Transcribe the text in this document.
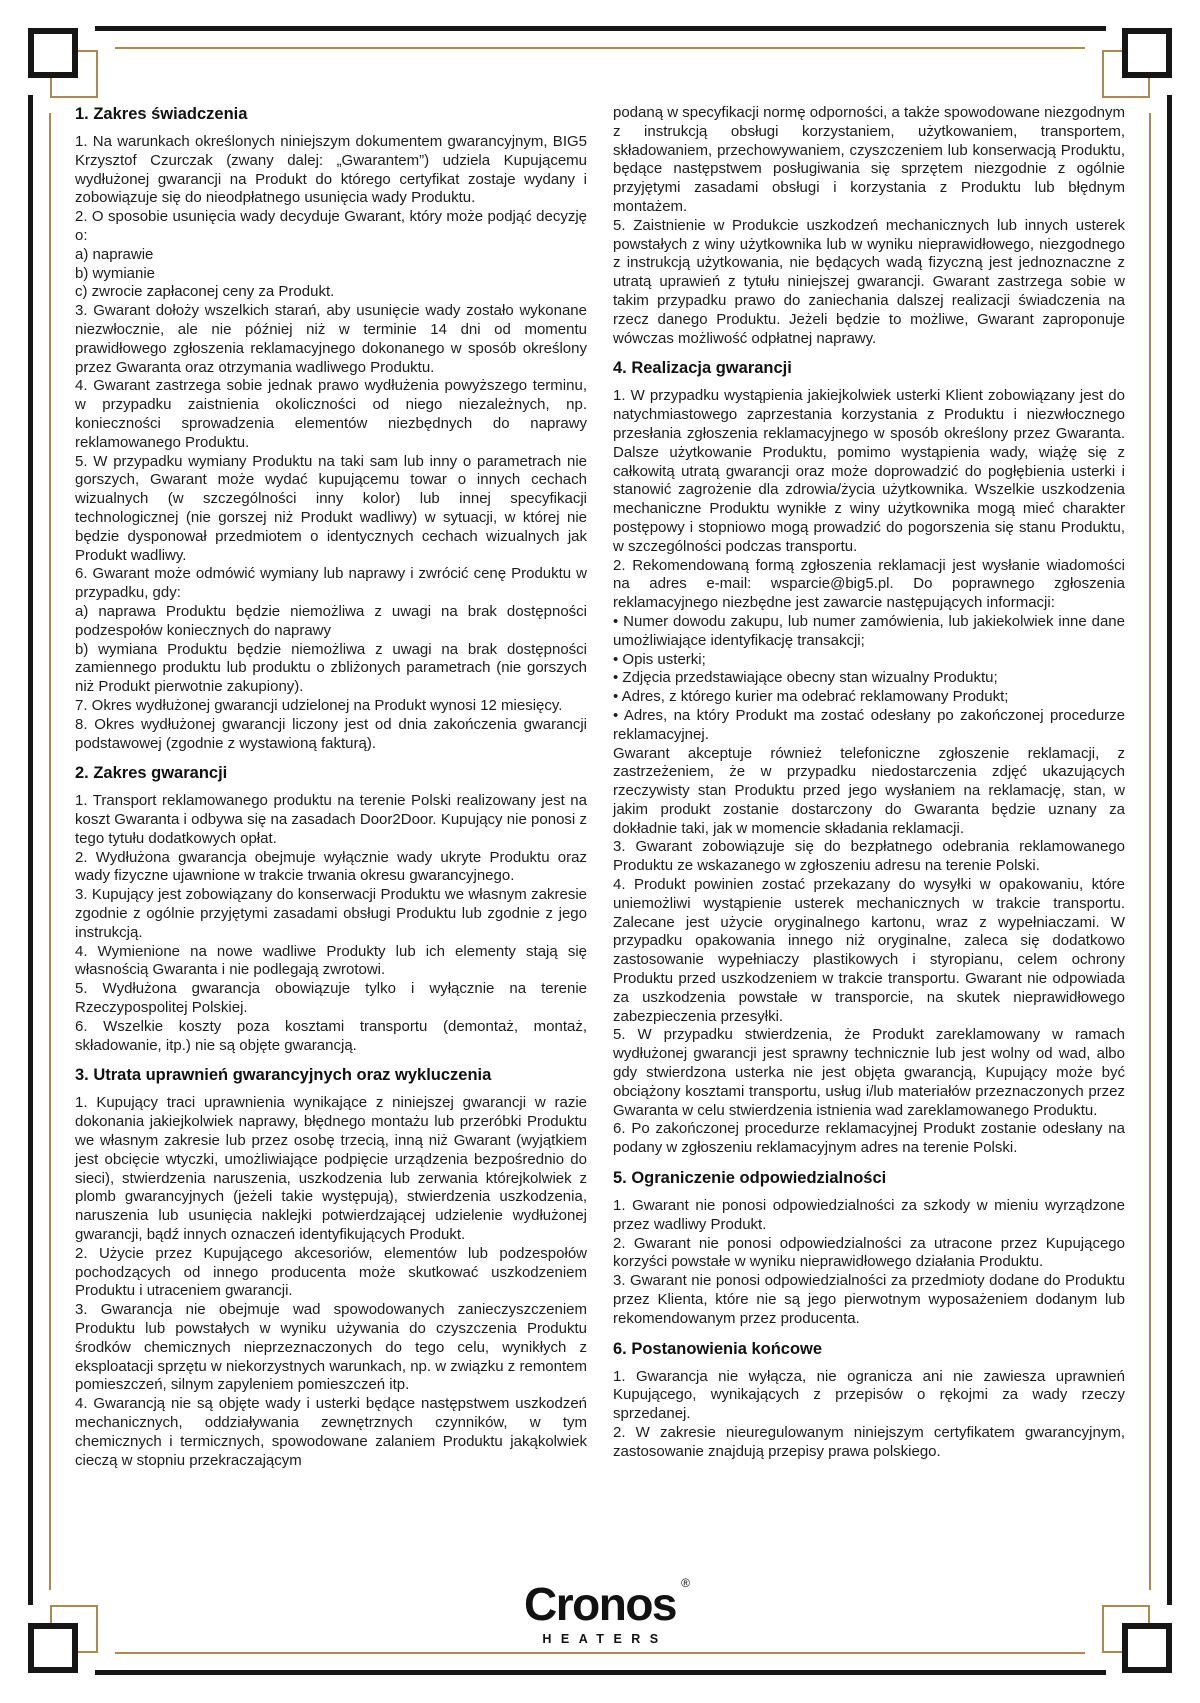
1. Zakres świadczenia

1. Na warunkach określonych niniejszym dokumentem gwarancyjnym, BIG5 Krzysztof Czurczak (zwany dalej: „Gwarantem”) udziela Kupującemu wydłużonej gwarancji na Produkt do którego certyfikat zostaje wydany i zobowiązuje się do nieodpłatnego usunięcia wady Produktu.

2. O sposobie usunięcia wady decyduje Gwarant, który może podjąć decyzję o:

a) naprawie

b) wymianie

c) zwrocie zapłaconej ceny za Produkt.

3. Gwarant dołoży wszelkich starań, aby usunięcie wady zostało wykonane niezwłocznie, ale nie później niż w terminie 14 dni od momentu prawidłowego zgłoszenia reklamacyjnego dokonanego w sposób określony przez Gwaranta oraz otrzymania wadliwego Produktu.

4. Gwarant zastrzega sobie jednak prawo wydłużenia powyższego terminu, w przypadku zaistnienia okoliczności od niego niezależnych, np. konieczności sprowadzenia elementów niezbędnych do naprawy reklamowanego Produktu.

5. W przypadku wymiany Produktu na taki sam lub inny o parametrach nie gorszych, Gwarant może wydać kupującemu towar o innych cechach wizualnych (w szczególności inny kolor) lub innej specyfikacji technologicznej (nie gorszej niż Produkt wadliwy) w sytuacji, w której nie będzie dysponował przedmiotem o identycznych cechach wizualnych jak Produkt wadliwy.

6. Gwarant może odmówić wymiany lub naprawy i zwrócić cenę Produktu w przypadku, gdy:

a) naprawa Produktu będzie niemożliwa z uwagi na brak dostępności podzespołów koniecznych do naprawy

b) wymiana Produktu będzie niemożliwa z uwagi na brak dostępności zamiennego produktu lub produktu o zbliżonych parametrach (nie gorszych niż Produkt pierwotnie zakupiony).

7. Okres wydłużonej gwarancji udzielonej na Produkt wynosi 12 miesięcy.

8. Okres wydłużonej gwarancji liczony jest od dnia zakończenia gwarancji podstawowej (zgodnie z wystawioną fakturą).

2. Zakres gwarancji

1. Transport reklamowanego produktu na terenie Polski realizowany jest na koszt Gwaranta i odbywa się na zasadach Door2Door. Kupujący nie ponosi z tego tytułu dodatkowych opłat.

2. Wydłużona gwarancja obejmuje wyłącznie wady ukryte Produktu oraz wady fizyczne ujawnione w trakcie trwania okresu gwarancyjnego.

3. Kupujący jest zobowiązany do konserwacji Produktu we własnym zakresie zgodnie z ogólnie przyjętymi zasadami obsługi Produktu lub zgodnie z jego instrukcją.

4. Wymienione na nowe wadliwe Produkty lub ich elementy stają się własnością Gwaranta i nie podlegają zwrotowi.

5. Wydłużona gwarancja obowiązuje tylko i wyłącznie na terenie Rzeczypospolitej Polskiej.

6. Wszelkie koszty poza kosztami transportu (demontaż, montaż, składowanie, itp.) nie są objęte gwarancją.

3. Utrata uprawnień gwarancyjnych oraz wykluczenia

1. Kupujący traci uprawnienia wynikające z niniejszej gwarancji w razie dokonania jakiejkolwiek naprawy, błędnego montażu lub przeróbki Produktu we własnym zakresie lub przez osobę trzecią, inną niż Gwarant (wyjątkiem jest obcięcie wtyczki, umożliwiające podpięcie urządzenia bezpośrednio do sieci), stwierdzenia naruszenia, uszkodzenia lub zerwania którejkolwiek z plomb gwarancyjnych (jeżeli takie występują), stwierdzenia uszkodzenia, naruszenia lub usunięcia naklejki potwierdzającej udzielenie wydłużonej gwarancji, bądź innych oznaczeń identyfikujących Produkt.

2. Użycie przez Kupującego akcesoriów, elementów lub podzespołów pochodzących od innego producenta może skutkować uszkodzeniem Produktu i utraceniem gwarancji.

3. Gwarancja nie obejmuje wad spowodowanych zanieczyszczeniem Produktu lub powstałych w wyniku używania do czyszczenia Produktu środków chemicznych nieprzeznaczonych do tego celu, wynikłych z eksploatacji sprzętu w niekorzystnych warunkach, np. w związku z remontem pomieszczeń, silnym zapyleniem pomieszczeń itp.

4. Gwarancją nie są objęte wady i usterki będące następstwem uszkodzeń mechanicznych, oddziaływania zewnętrznych czynników, w tym chemicznych i termicznych, spowodowane zalaniem Produktu jakąkolwiek cieczą w stopniu przekraczającym

podaną w specyfikacji normę odporności, a także spowodowane niezgodnym z instrukcją obsługi korzystaniem, użytkowaniem, transportem, składowaniem, przechowywaniem, czyszczeniem lub konserwacją Produktu, będące następstwem posługiwania się sprzętem niezgodnie z ogólnie przyjętymi zasadami obsługi i korzystania z Produktu lub błędnym montażem.

5. Zaistnienie w Produkcie uszkodzeń mechanicznych lub innych usterek powstałych z winy użytkownika lub w wyniku nieprawidłowego, niezgodnego z instrukcją użytkowania, nie będących wadą fizyczną jest jednoznaczne z utratą uprawień z tytułu niniejszej gwarancji. Gwarant zastrzega sobie w takim przypadku prawo do zaniechania dalszej realizacji świadczenia na rzecz danego Produktu. Jeżeli będzie to możliwe, Gwarant zaproponuje wówczas możliwość odpłatnej naprawy.

4. Realizacja gwarancji

1. W przypadku wystąpienia jakiejkolwiek usterki Klient zobowiązany jest do natychmiastowego zaprzestania korzystania z Produktu i niezwłocznego przesłania zgłoszenia reklamacyjnego w sposób określony przez Gwaranta. Dalsze użytkowanie Produktu, pomimo wystąpienia wady, wiążę się z całkowitą utratą gwarancji oraz może doprowadzić do pogłębienia usterki i stanowić zagrożenie dla zdrowia/życia użytkownika. Wszelkie uszkodzenia mechaniczne Produktu wynikłe z winy użytkownika mogą mieć charakter postępowy i stopniowo mogą prowadzić do pogorszenia się stanu Produktu, w szczególności podczas transportu.

2. Rekomendowaną formą zgłoszenia reklamacji jest wysłanie wiadomości na adres e-mail: wsparcie@big5.pl. Do poprawnego zgłoszenia reklamacyjnego niezbędne jest zawarcie następujących informacji:

• Numer dowodu zakupu, lub numer zamówienia, lub jakiekolwiek inne dane umożliwiające identyfikację transakcji;

• Opis usterki;

• Zdjęcia przedstawiające obecny stan wizualny Produktu;

• Adres, z którego kurier ma odebrać reklamowany Produkt;

• Adres, na który Produkt ma zostać odesłany po zakończonej procedurze reklamacyjnej.

Gwarant akceptuje również telefoniczne zgłoszenie reklamacji, z zastrzeżeniem, że w przypadku niedostarczenia zdjęć ukazujących rzeczywisty stan Produktu przed jego wysłaniem na reklamację, stan, w jakim produkt zostanie dostarczony do Gwaranta będzie uznany za dokładnie taki, jak w momencie składania reklamacji.

3. Gwarant zobowiązuje się do bezpłatnego odebrania reklamowanego Produktu ze wskazanego w zgłoszeniu adresu na terenie Polski.

4. Produkt powinien zostać przekazany do wysyłki w opakowaniu, które uniemożliwi wystąpienie usterek mechanicznych w trakcie transportu. Zalecane jest użycie oryginalnego kartonu, wraz z wypełniaczami. W przypadku opakowania innego niż oryginalne, zaleca się dodatkowo zastosowanie wypełniaczy plastikowych i styropianu, celem ochrony Produktu przed uszkodzeniem w trakcie transportu. Gwarant nie odpowiada za uszkodzenia powstałe w transporcie, na skutek nieprawidłowego zabezpieczenia przesyłki.

5. W przypadku stwierdzenia, że Produkt zareklamowany w ramach wydłużonej gwarancji jest sprawny technicznie lub jest wolny od wad, albo gdy stwierdzona usterka nie jest objęta gwarancją, Kupujący może być obciążony kosztami transportu, usług i/lub materiałów przeznaczonych przez Gwaranta w celu stwierdzenia istnienia wad zareklamowanego Produktu.

6. Po zakończonej procedurze reklamacyjnej Produkt zostanie odesłany na podany w zgłoszeniu reklamacyjnym adres na terenie Polski.

5. Ograniczenie odpowiedzialności

1. Gwarant nie ponosi odpowiedzialności za szkody w mieniu wyrządzone przez wadliwy Produkt.

2. Gwarant nie ponosi odpowiedzialności za utracone przez Kupującego korzyści powstałe w wyniku nieprawidłowego działania Produktu.

3. Gwarant nie ponosi odpowiedzialności za przedmioty dodane do Produktu przez Klienta, które nie są jego pierwotnym wyposażeniem dodanym lub rekomendowanym przez producenta.

6. Postanowienia końcowe

1. Gwarancja nie wyłącza, nie ogranicza ani nie zawiesza uprawnień Kupującego, wynikających z przepisów o rękojmi za wady rzeczy sprzedanej.

2. W zakresie nieuregulowanym niniejszym certyfikatem gwarancyjnym, zastosowanie znajdują przepisy prawa polskiego.

Cronos ®
HEATERS
